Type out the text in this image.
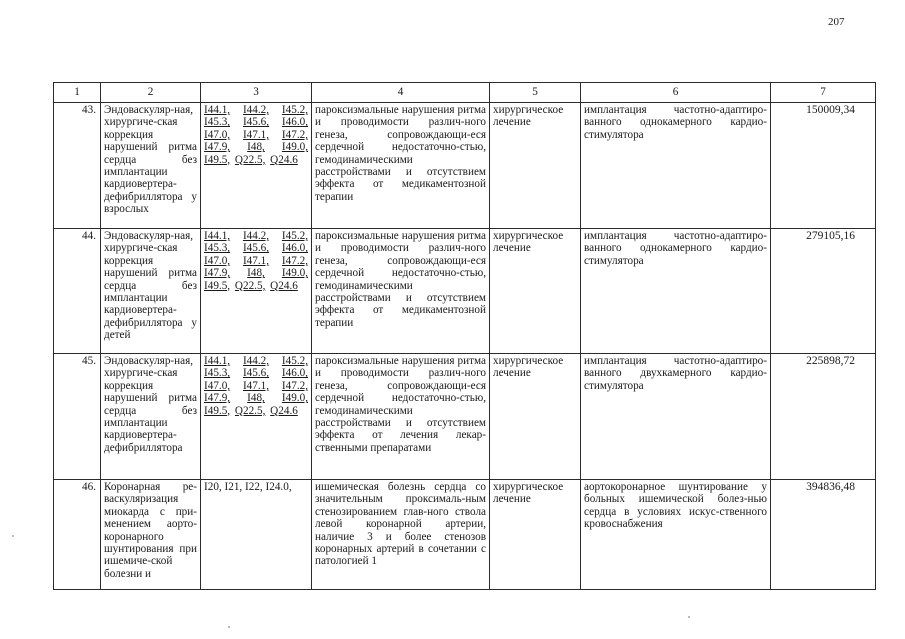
207
1	2	3	4	5	6	7
43.	Эндоваскуляр-ная, хирургиче-ская коррекция нарушений ритма сердца без имплантации кардиовертера-дефибриллятора у взрослых	I44.1, I44.2, I45.2, I45.3, I45.6, I46.0, I47.0, I47.1, I47.2, I47.9, I48, I49.0, I49.5, Q22.5, Q24.6	пароксизмальные нарушения ритма и проводимости различ-ного генеза, сопровождающи-еся сердечной недостаточно-стью, гемодинамическими расстройствами и отсутствием эффекта от медикаментозной терапии	хирургическое лечение	имплантация частотно-адаптиро-ванного однокамерного кардио-стимулятора	150009,34
44.	Эндоваскуляр-ная, хирургиче-ская коррекция нарушений ритма сердца без имплантации кардиовертера-дефибриллятора у детей	I44.1, I44.2, I45.2, I45.3, I45.6, I46.0, I47.0, I47.1, I47.2, I47.9, I48, I49.0, I49.5, Q22.5, Q24.6	пароксизмальные нарушения ритма и проводимости различ-ного генеза, сопровождающи-еся сердечной недостаточно-стью, гемодинамическими расстройствами и отсутствием эффекта от медикаментозной терапии	хирургическое лечение	имплантация частотно-адаптиро-ванного однокамерного кардио-стимулятора	279105,16
45.	Эндоваскуляр-ная, хирургиче-ская коррекция нарушений ритма сердца без имплантации кардиовертера-дефибриллятора	I44.1, I44.2, I45.2, I45.3, I45.6, I46.0, I47.0, I47.1, I47.2, I47.9, I48, I49.0, I49.5, Q22.5, Q24.6	пароксизмальные нарушения ритма и проводимости различ-ного генеза, сопровождающи-еся сердечной недостаточно-стью, гемодинамическими расстройствами и отсутствием эффекта от лечения лекар-ственными препаратами	хирургическое лечение	имплантация частотно-адаптиро-ванного двухкамерного кардио-стимулятора	225898,72
46.	Коронарная ре-васкуляризация миокарда с при-менением аорто-коронарного шунтирования при ишемиче-ской болезни и	I20, I21, I22, I24.0,	ишемическая болезнь сердца со значительным проксималь-ным стенозированием глав-ного ствола левой коронарной артерии, наличие 3 и более стенозов коронарных артерий в сочетании с патологией 1	хирургическое лечение	аортокоронарное шунтирование у больных ишемической болез-нью сердца в условиях искус-ственного кровоснабжения	394836,48
